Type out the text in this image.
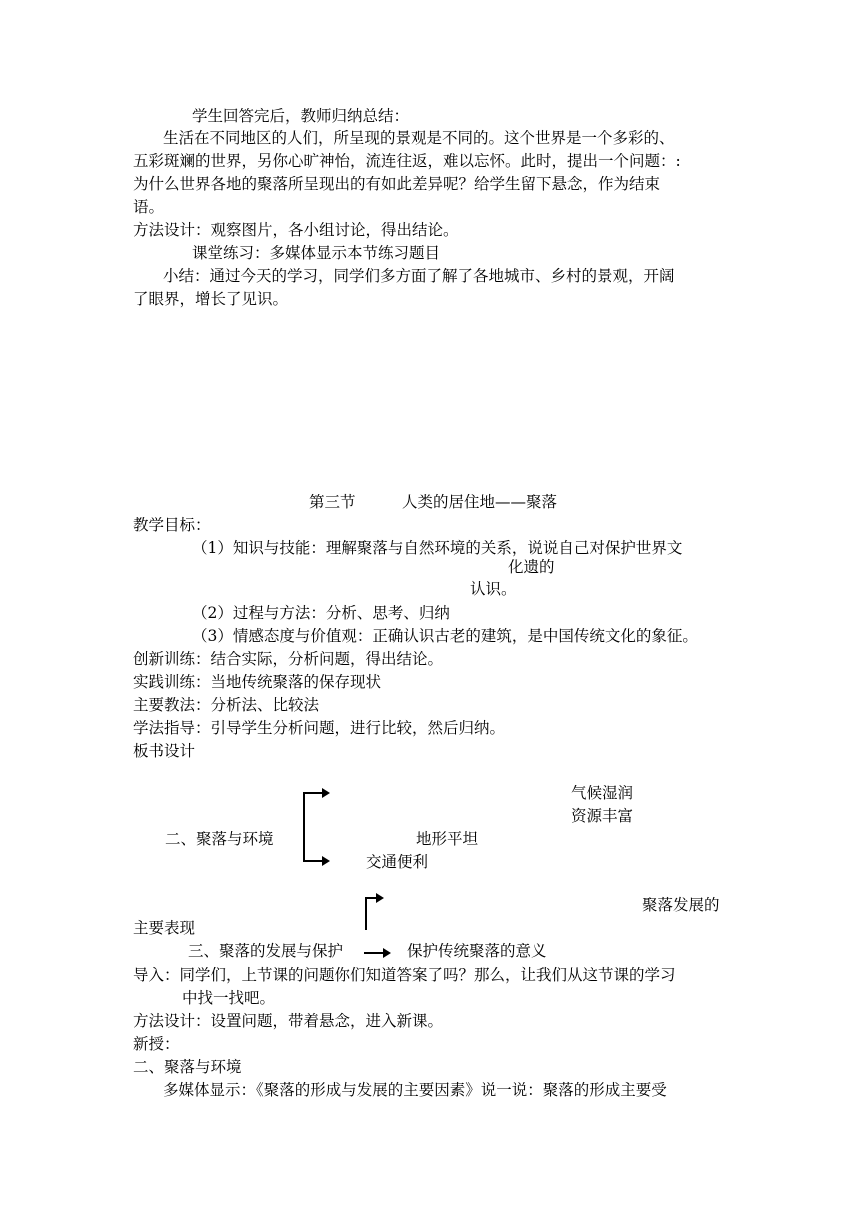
学生回答完后，教师归纳总结：
生活在不同地区的人们，所呈现的景观是不同的。这个世界是一个多彩的、
五彩斑斓的世界，另你心旷神怡，流连往返，难以忘怀。此时，提出一个问题：:
为什么世界各地的聚落所呈现出的有如此差异呢？给学生留下悬念，作为结束
语。
方法设计：观察图片，各小组讨论，得出结论。
课堂练习：多媒体显示本节练习题目
小结：通过今天的学习，同学们多方面了解了各地城市、乡村的景观，开阔
了眼界，增长了见识。
第三节　　　人类的居住地——聚落
教学目标：
（1）知识与技能：理解聚落与自然环境的关系，说说自己对保护世界文
化遗的
认识。
（2）过程与方法：分析、思考、归纳
（3）情感态度与价值观：正确认识古老的建筑，是中国传统文化的象征。
创新训练：结合实际，分析问题，得出结论。
实践训练：当地传统聚落的保存现状
主要教法：分析法、比较法
学法指导：引导学生分析问题，进行比较，然后归纳。
板书设计
气候湿润
资源丰富
二、聚落与环境	地形平坦
交通便利
聚落发展的
主要表现
三、聚落的发展与保护	保护传统聚落的意义
导入：同学们，上节课的问题你们知道答案了吗？那么，让我们从这节课的学习
中找一找吧。
方法设计：设置问题，带着悬念，进入新课。
新授：
二、聚落与环境
多媒体显示：《聚落的形成与发展的主要因素》说一说：聚落的形成主要受
